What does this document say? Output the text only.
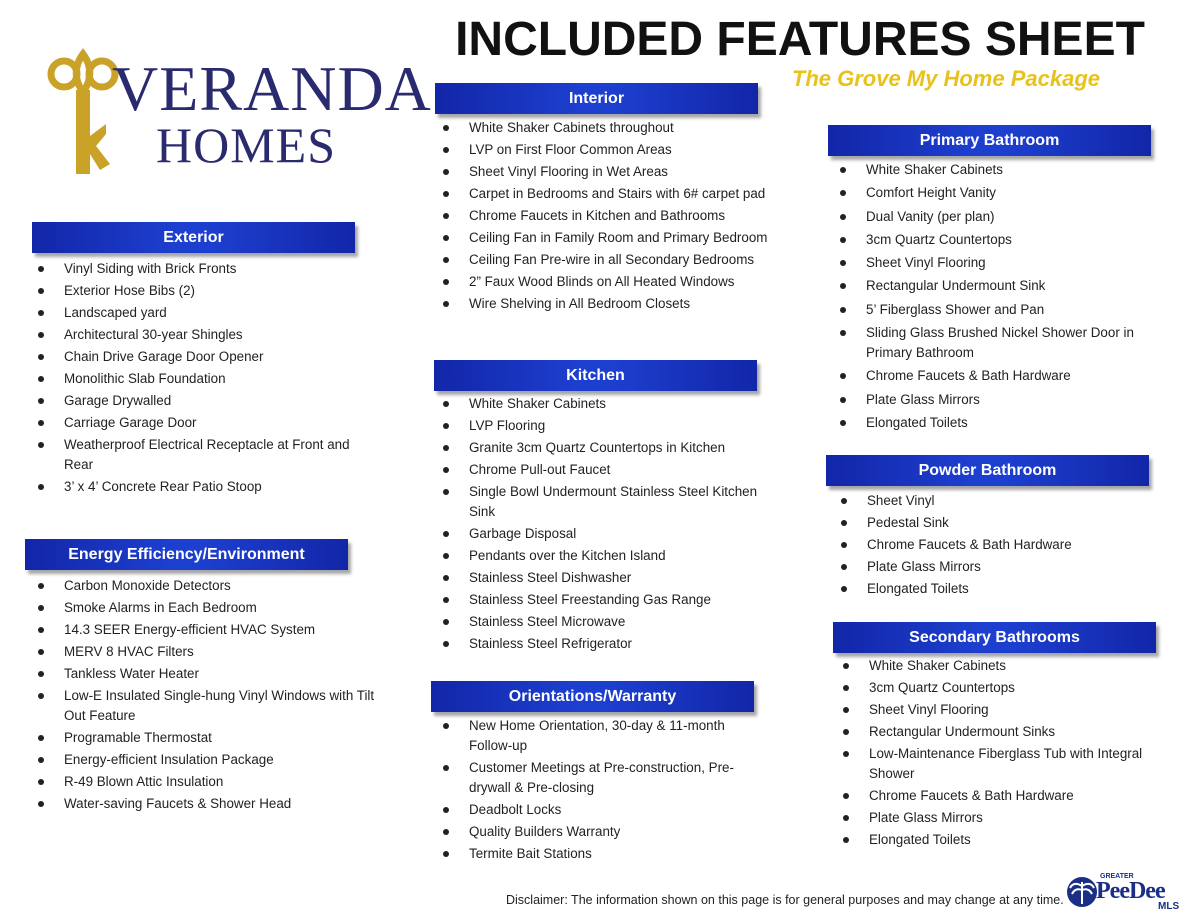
VERANDA
HOMES
INCLUDED FEATURES SHEET
The Grove My Home Package
Exterior
Vinyl Siding with Brick Fronts
Exterior Hose Bibs (2)
Landscaped yard
Architectural 30-year Shingles
Chain Drive Garage Door Opener
Monolithic Slab Foundation
Garage Drywalled
Carriage Garage Door
Weatherproof Electrical Receptacle at Front and Rear
3’ x 4’ Concrete Rear Patio Stoop
Energy Efficiency/Environment
Carbon Monoxide Detectors
Smoke Alarms in Each Bedroom
14.3 SEER Energy-efficient HVAC System
MERV 8 HVAC Filters
Tankless Water Heater
Low-E Insulated Single-hung Vinyl Windows with Tilt Out Feature
Programable Thermostat
Energy-efficient Insulation Package
R-49 Blown Attic Insulation
Water-saving Faucets & Shower Head
Interior
White Shaker Cabinets throughout
LVP on First Floor Common Areas
Sheet Vinyl Flooring in Wet Areas
Carpet in Bedrooms and Stairs with 6# carpet pad
Chrome Faucets in Kitchen and Bathrooms
Ceiling Fan in Family Room and Primary Bedroom
Ceiling Fan Pre-wire in all Secondary Bedrooms
2” Faux Wood Blinds on All Heated Windows
Wire Shelving in All Bedroom Closets
Kitchen
White Shaker Cabinets
LVP Flooring
Granite 3cm Quartz Countertops in Kitchen
Chrome Pull-out Faucet
Single Bowl Undermount Stainless Steel Kitchen Sink
Garbage Disposal
Pendants over the Kitchen Island
Stainless Steel Dishwasher
Stainless Steel Freestanding Gas Range
Stainless Steel Microwave
Stainless Steel Refrigerator
Orientations/Warranty
New Home Orientation, 30-day & 11-month Follow-up
Customer Meetings at Pre-construction, Pre-drywall & Pre-closing
Deadbolt Locks
Quality Builders Warranty
Termite Bait Stations
Primary Bathroom
White Shaker Cabinets
Comfort Height Vanity
Dual Vanity (per plan)
3cm Quartz Countertops
Sheet Vinyl Flooring
Rectangular Undermount Sink
5’ Fiberglass Shower and Pan
Sliding Glass Brushed Nickel Shower Door in Primary Bathroom
Chrome Faucets & Bath Hardware
Plate Glass Mirrors
Elongated Toilets
Powder Bathroom
Sheet Vinyl
Pedestal Sink
Chrome Faucets & Bath Hardware
Plate Glass Mirrors
Elongated Toilets
Secondary Bathrooms
White Shaker Cabinets
3cm Quartz Countertops
Sheet Vinyl Flooring
Rectangular Undermount Sinks
Low-Maintenance Fiberglass Tub with Integral Shower
Chrome Faucets & Bath Hardware
Plate Glass Mirrors
Elongated Toilets
Disclaimer: The information shown on this page is for general purposes and may change at any time.
GREATER
PeeDee
MLS
